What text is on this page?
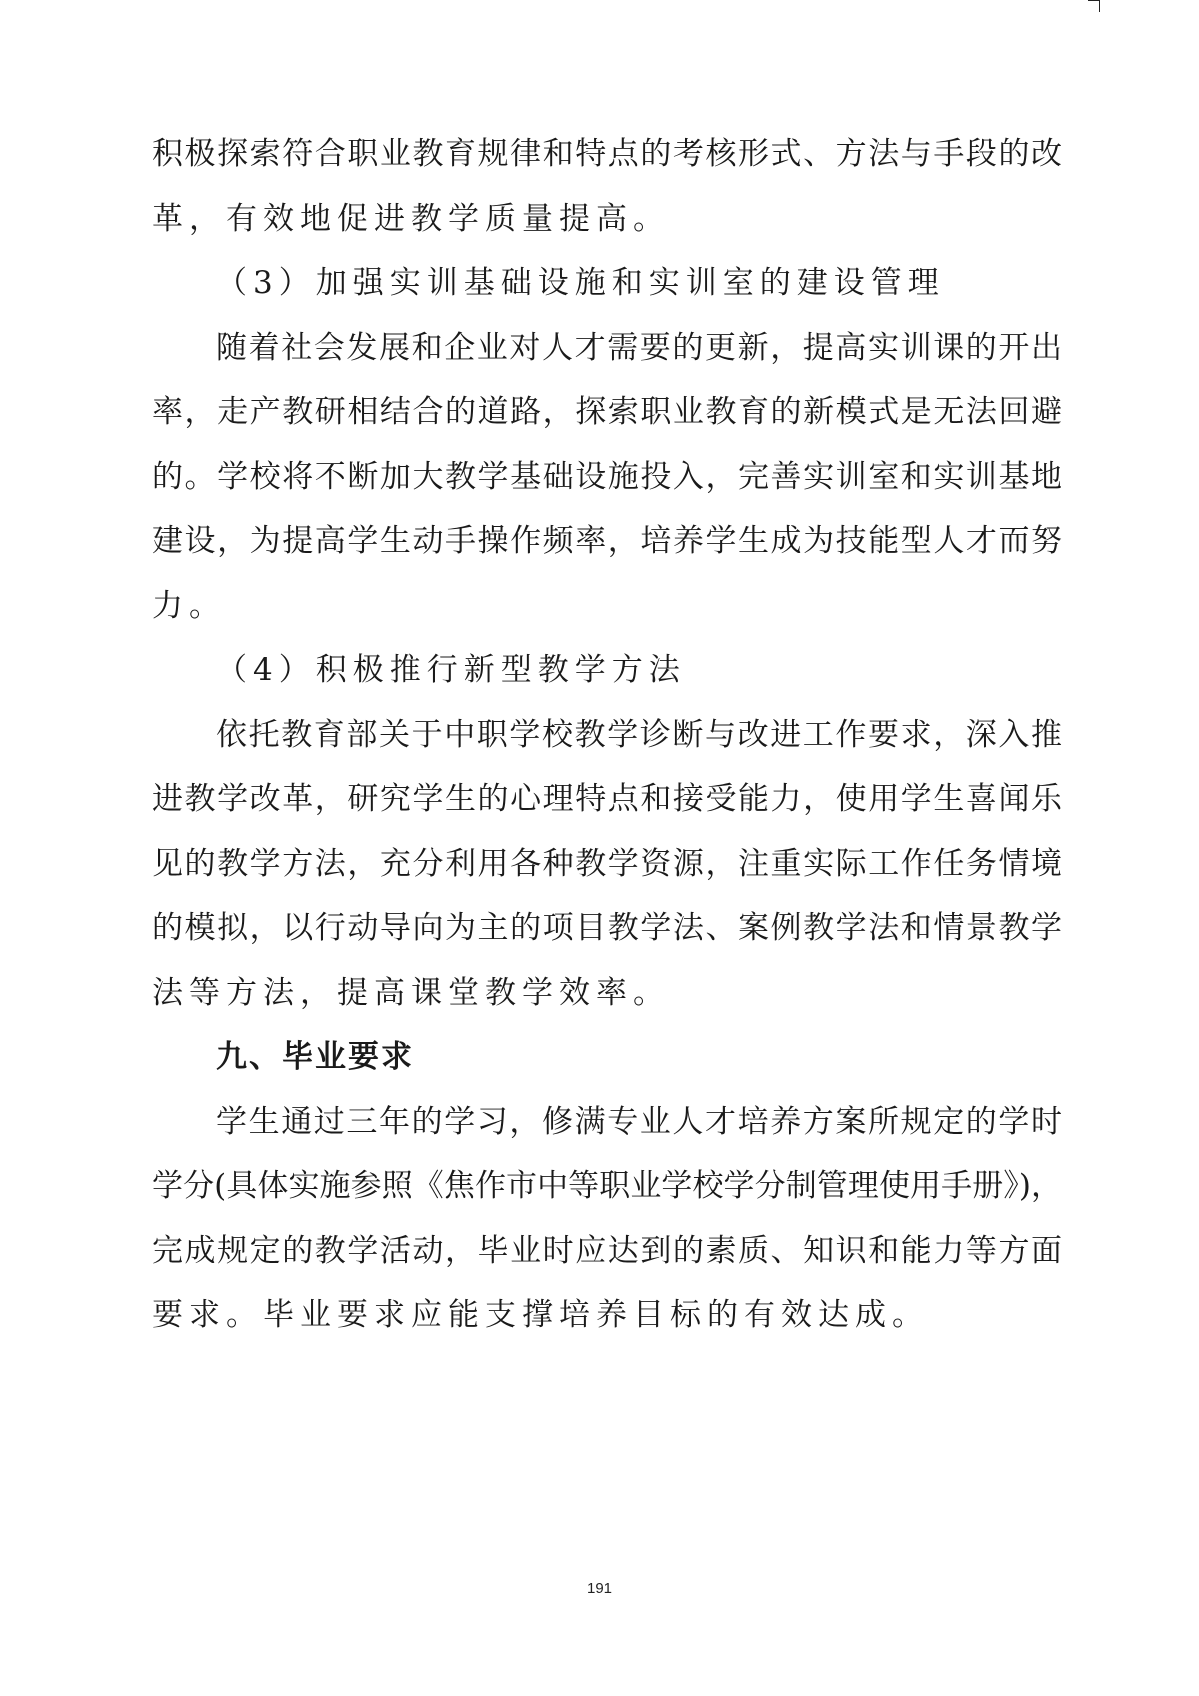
积极探索符合职业教育规律和特点的考核形式、方法与手段的改
革，有效地促进教学质量提高。
（3）加强实训基础设施和实训室的建设管理
随着社会发展和企业对人才需要的更新，提高实训课的开出
率，走产教研相结合的道路，探索职业教育的新模式是无法回避
的。学校将不断加大教学基础设施投入，完善实训室和实训基地
建设，为提高学生动手操作频率，培养学生成为技能型人才而努
力。
（4）积极推行新型教学方法
依托教育部关于中职学校教学诊断与改进工作要求，深入推
进教学改革，研究学生的心理特点和接受能力，使用学生喜闻乐
见的教学方法，充分利用各种教学资源，注重实际工作任务情境
的模拟，以行动导向为主的项目教学法、案例教学法和情景教学
法等方法，提高课堂教学效率。
九、毕业要求
学生通过三年的学习，修满专业人才培养方案所规定的学时
学分(具体实施参照《焦作市中等职业学校学分制管理使用手册》)，
完成规定的教学活动，毕业时应达到的素质、知识和能力等方面
要求。毕业要求应能支撑培养目标的有效达成。
191
